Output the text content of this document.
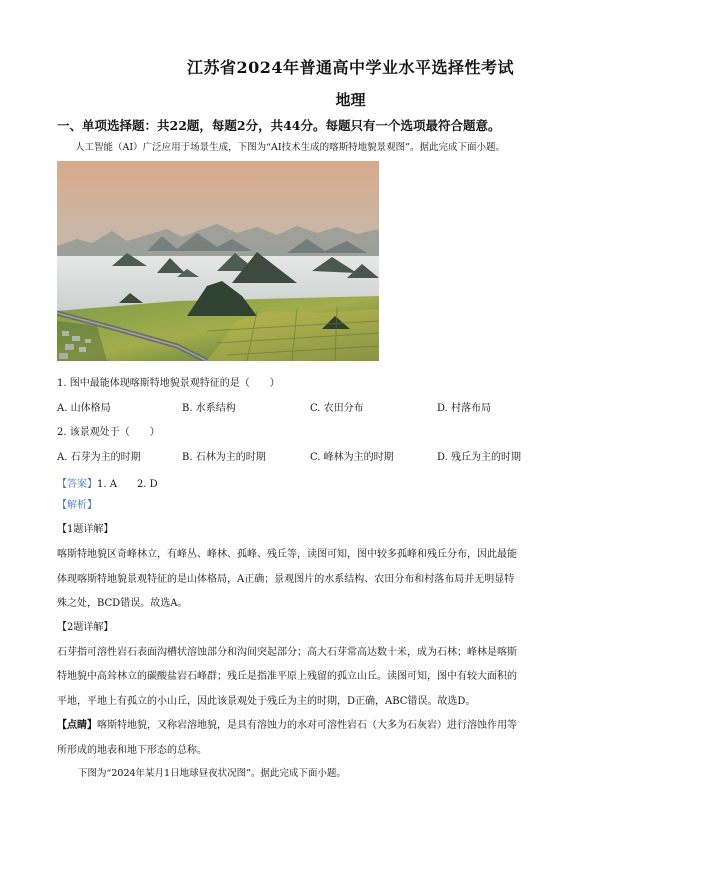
江苏省2024年普通高中学业水平选择性考试
地理
一、单项选择题：共22题，每题2分，共44分。每题只有一个选项最符合题意。
人工智能（AI）广泛应用于场景生成，下图为“AI技术生成的喀斯特地貌景观图”。据此完成下面小题。
1. 图中最能体现喀斯特地貌景观特征的是（　　）
A. 山体格局	B. 水系结构	C. 农田分布	D. 村落布局
2. 该景观处于（　　）
A. 石芽为主的时期	B. 石林为主的时期	C. 峰林为主的时期	D. 残丘为主的时期
【答案】1. A　　2. D
【解析】
【1题详解】
喀斯特地貌区奇峰林立，有峰丛、峰林、孤峰、残丘等，读图可知，图中较多孤峰和残丘分布，因此最能
体现喀斯特地貌景观特征的是山体格局，A正确；景观图片的水系结构、农田分布和村落布局并无明显特
殊之处，BCD错误。故选A。
【2题详解】
石芽指可溶性岩石表面沟槽状溶蚀部分和沟间突起部分；高大石芽常高达数十米，成为石林；峰林是喀斯
特地貌中高耸林立的碳酸盐岩石峰群；残丘是指准平原上残留的孤立山丘。读图可知，图中有较大面积的
平地，平地上有孤立的小山丘，因此该景观处于残丘为主的时期，D正确，ABC错误。故选D。
【点睛】喀斯特地貌，又称岩溶地貌，是具有溶蚀力的水对可溶性岩石（大多为石灰岩）进行溶蚀作用等
所形成的地表和地下形态的总称。
下图为“2024年某月1日地球昼夜状况图”。据此完成下面小题。
